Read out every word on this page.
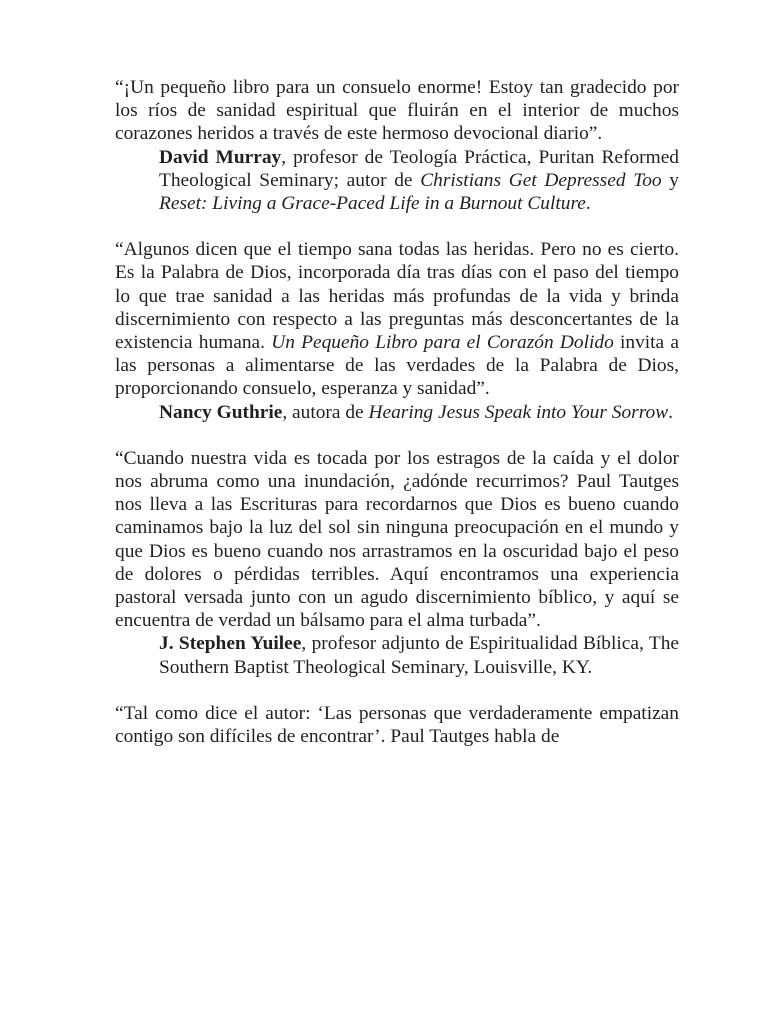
“¡Un pequeño libro para un consuelo enorme! Estoy tan gradecido por los ríos de sanidad espiritual que fluirán en el interior de muchos corazones heridos a través de este hermoso devocional diario”.

David Murray, profesor de Teología Práctica, Puritan Reformed Theological Seminary; autor de Christians Get Depressed Too y Reset: Living a Grace-Paced Life in a Burnout Culture.

“Algunos dicen que el tiempo sana todas las heridas. Pero no es cierto. Es la Palabra de Dios, incorporada día tras días con el paso del tiempo lo que trae sanidad a las heridas más profundas de la vida y brinda discernimiento con respecto a las preguntas más desconcertantes de la existencia humana. Un Pequeño Libro para el Corazón Dolido invita a las personas a alimentarse de las verdades de la Palabra de Dios, proporcionando consuelo, esperanza y sanidad”.

Nancy Guthrie, autora de Hearing Jesus Speak into Your Sorrow.

“Cuando nuestra vida es tocada por los estragos de la caída y el dolor nos abruma como una inundación, ¿adónde recurrimos? Paul Tautges nos lleva a las Escrituras para recordarnos que Dios es bueno cuando caminamos bajo la luz del sol sin ninguna preocupación en el mundo y que Dios es bueno cuando nos arrastramos en la oscuridad bajo el peso de dolores o pérdidas terribles. Aquí encontramos una experiencia pastoral versada junto con un agudo discernimiento bíblico, y aquí se encuentra de verdad un bálsamo para el alma turbada”.

J. Stephen Yuilee, profesor adjunto de Espiritualidad Bíblica, The Southern Baptist Theological Seminary, Louisville, KY.

“Tal como dice el autor: ‘Las personas que verdaderamente empatizan contigo son difíciles de encontrar’. Paul Tautges habla de
